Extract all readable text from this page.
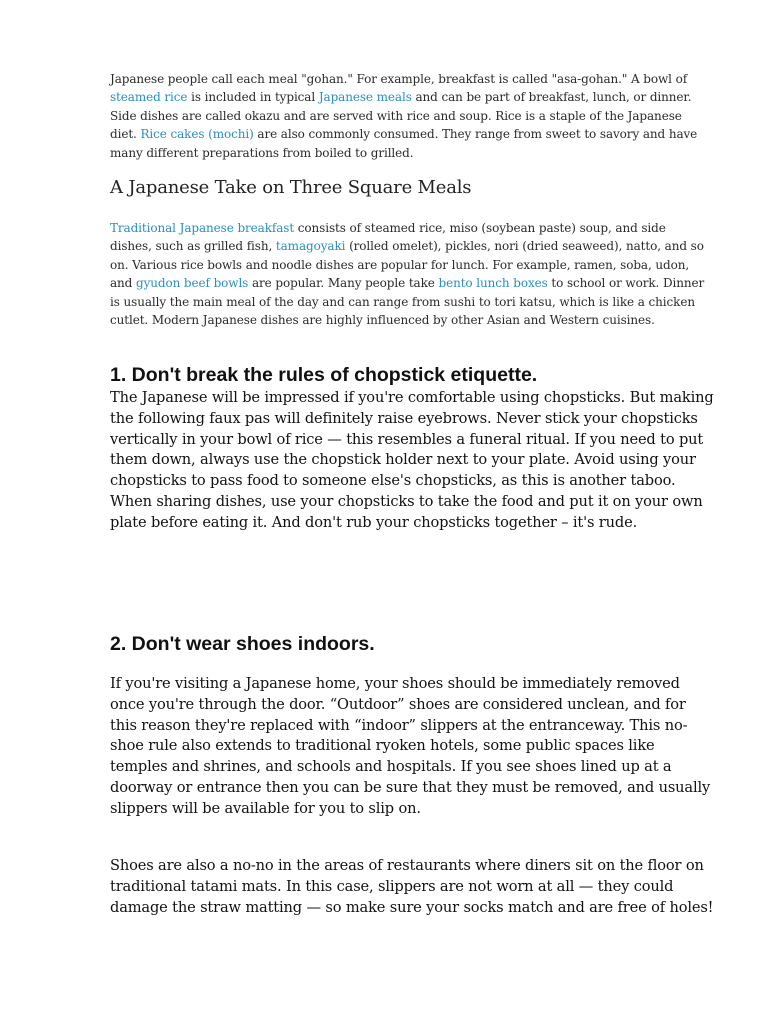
Japanese people call each meal "gohan." For example, breakfast is called "asa-gohan." A bowl of steamed rice is included in typical Japanese meals and can be part of breakfast, lunch, or dinner. Side dishes are called okazu and are served with rice and soup. Rice is a staple of the Japanese diet. Rice cakes (mochi) are also commonly consumed. They range from sweet to savory and have many different preparations from boiled to grilled.

A Japanese Take on Three Square Meals

Traditional Japanese breakfast consists of steamed rice, miso (soybean paste) soup, and side dishes, such as grilled fish, tamagoyaki (rolled omelet), pickles, nori (dried seaweed), natto, and so on. Various rice bowls and noodle dishes are popular for lunch. For example, ramen, soba, udon, and gyudon beef bowls are popular. Many people take bento lunch boxes to school or work. Dinner is usually the main meal of the day and can range from sushi to tori katsu, which is like a chicken cutlet. Modern Japanese dishes are highly influenced by other Asian and Western cuisines.

1. Don't break the rules of chopstick etiquette.

The Japanese will be impressed if you're comfortable using chopsticks. But making the following faux pas will definitely raise eyebrows. Never stick your chopsticks vertically in your bowl of rice — this resembles a funeral ritual. If you need to put them down, always use the chopstick holder next to your plate. Avoid using your chopsticks to pass food to someone else's chopsticks, as this is another taboo. When sharing dishes, use your chopsticks to take the food and put it on your own plate before eating it. And don't rub your chopsticks together – it's rude.

2. Don't wear shoes indoors.

If you're visiting a Japanese home, your shoes should be immediately removed once you're through the door. “Outdoor” shoes are considered unclean, and for this reason they're replaced with “indoor” slippers at the entranceway. This no-shoe rule also extends to traditional ryoken hotels, some public spaces like temples and shrines, and schools and hospitals. If you see shoes lined up at a doorway or entrance then you can be sure that they must be removed, and usually slippers will be available for you to slip on.

Shoes are also a no-no in the areas of restaurants where diners sit on the floor on traditional tatami mats. In this case, slippers are not worn at all — they could damage the straw matting — so make sure your socks match and are free of holes!
